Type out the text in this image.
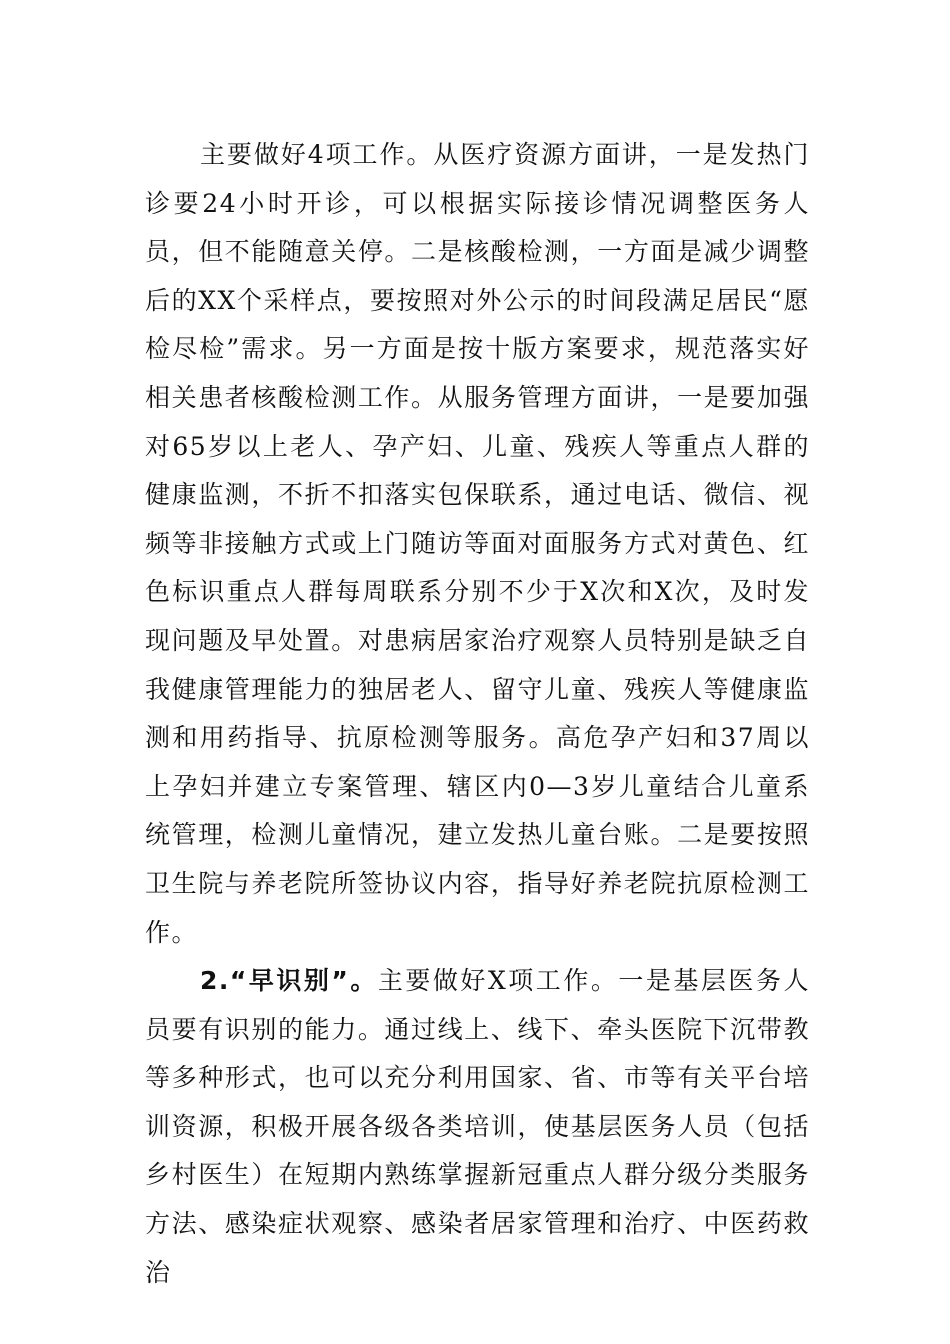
主要做好4项工作。从医疗资源方面讲，一是发热门诊要24小时开诊，可以根据实际接诊情况调整医务人员，但不能随意关停。二是核酸检测，一方面是减少调整后的XX个采样点，要按照对外公示的时间段满足居民“愿检尽检”需求。另一方面是按十版方案要求，规范落实好相关患者核酸检测工作。从服务管理方面讲，一是要加强对65岁以上老人、孕产妇、儿童、残疾人等重点人群的健康监测，不折不扣落实包保联系，通过电话、微信、视频等非接触方式或上门随访等面对面服务方式对黄色、红色标识重点人群每周联系分别不少于X次和X次，及时发现问题及早处置。对患病居家治疗观察人员特别是缺乏自我健康管理能力的独居老人、留守儿童、残疾人等健康监测和用药指导、抗原检测等服务。高危孕产妇和37周以上孕妇并建立专案管理、辖区内0—3岁儿童结合儿童系统管理，检测儿童情况，建立发热儿童台账。二是要按照卫生院与养老院所签协议内容，指导好养老院抗原检测工作。

2.“早识别”。主要做好X项工作。一是基层医务人员要有识别的能力。通过线上、线下、牵头医院下沉带教等多种形式，也可以充分利用国家、省、市等有关平台培训资源，积极开展各级各类培训，使基层医务人员（包括乡村医生）在短期内熟练掌握新冠重点人群分级分类服务方法、感染症状观察、感染者居家管理和治疗、中医药救治
